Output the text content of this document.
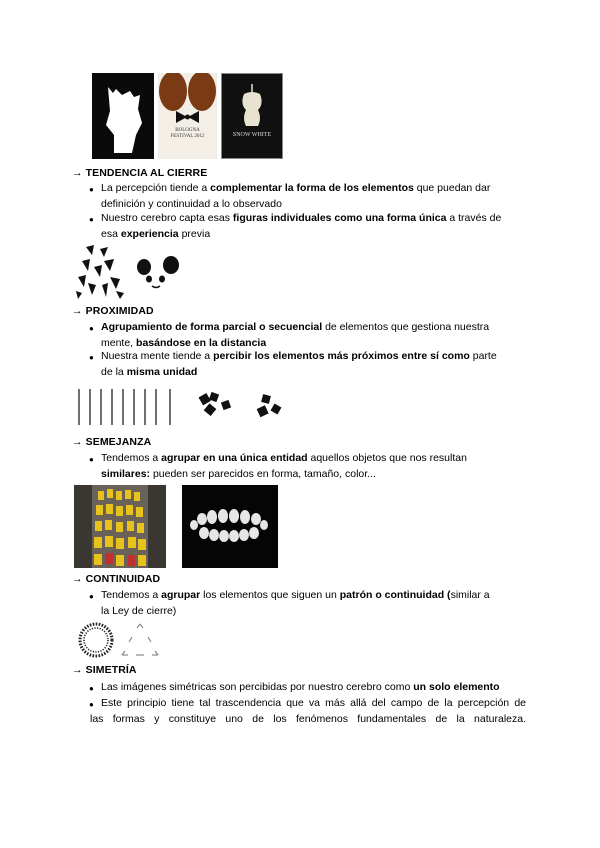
BOLOGNA FESTIVAL 2012	SNOW WHITE
→ TENDENCIA AL CIERRE
● La percepción tiende a complementar la forma de los elementos que puedan dar
definición y continuidad a lo observado
● Nuestro cerebro capta esas figuras individuales como una forma única a través de
esa experiencia previa
→ PROXIMIDAD
● Agrupamiento de forma parcial o secuencial de elementos que gestiona nuestra
mente, basándose en la distancia
● Nuestra mente tiende a percibir los elementos más próximos entre sí como parte
de la misma unidad
→ SEMEJANZA
● Tendemos a agrupar en una única entidad aquellos objetos que nos resultan
similares: pueden ser parecidos en forma, tamaño, color...
→ CONTINUIDAD
● Tendemos a agrupar los elementos que siguen un patrón o continuidad (similar a
la Ley de cierre)
→ SIMETRÍA
● Las imágenes simétricas son percibidas por nuestro cerebro como un solo elemento
● Este principio tiene tal trascendencia que va más allá del campo de la percepción de
las formas y constituye uno de los fenómenos fundamentales de la naturaleza.
